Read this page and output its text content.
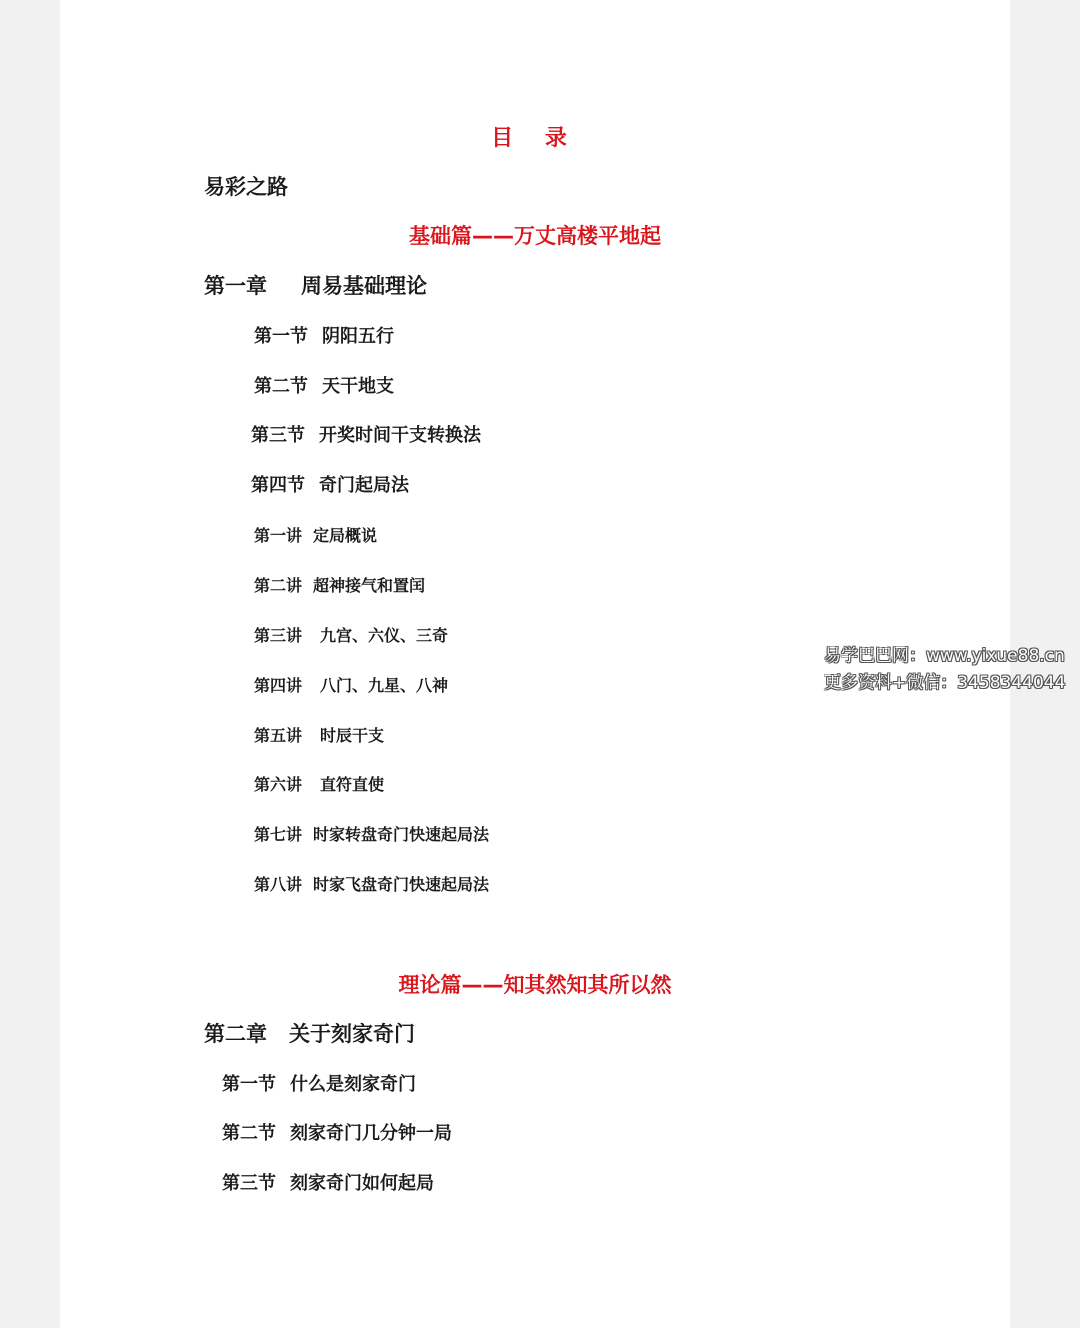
目 录
易彩之路
基础篇——万丈高楼平地起
第一章 周易基础理论
第一节 阴阳五行
第二节 天干地支
第三节 开奖时间干支转换法
第四节 奇门起局法
第一讲 定局概说
第二讲 超神接气和置闰
第三讲 九宫、六仪、三奇
第四讲 八门、九星、八神
第五讲 时辰干支
第六讲 直符直使
第七讲 时家转盘奇门快速起局法
第八讲 时家飞盘奇门快速起局法
理论篇——知其然知其所以然
第二章 关于刻家奇门
第一节 什么是刻家奇门
第二节 刻家奇门几分钟一局
第三节 刻家奇门如何起局
易学巴巴网：www.yixue88.cn
更多资料+微信：3458344044
